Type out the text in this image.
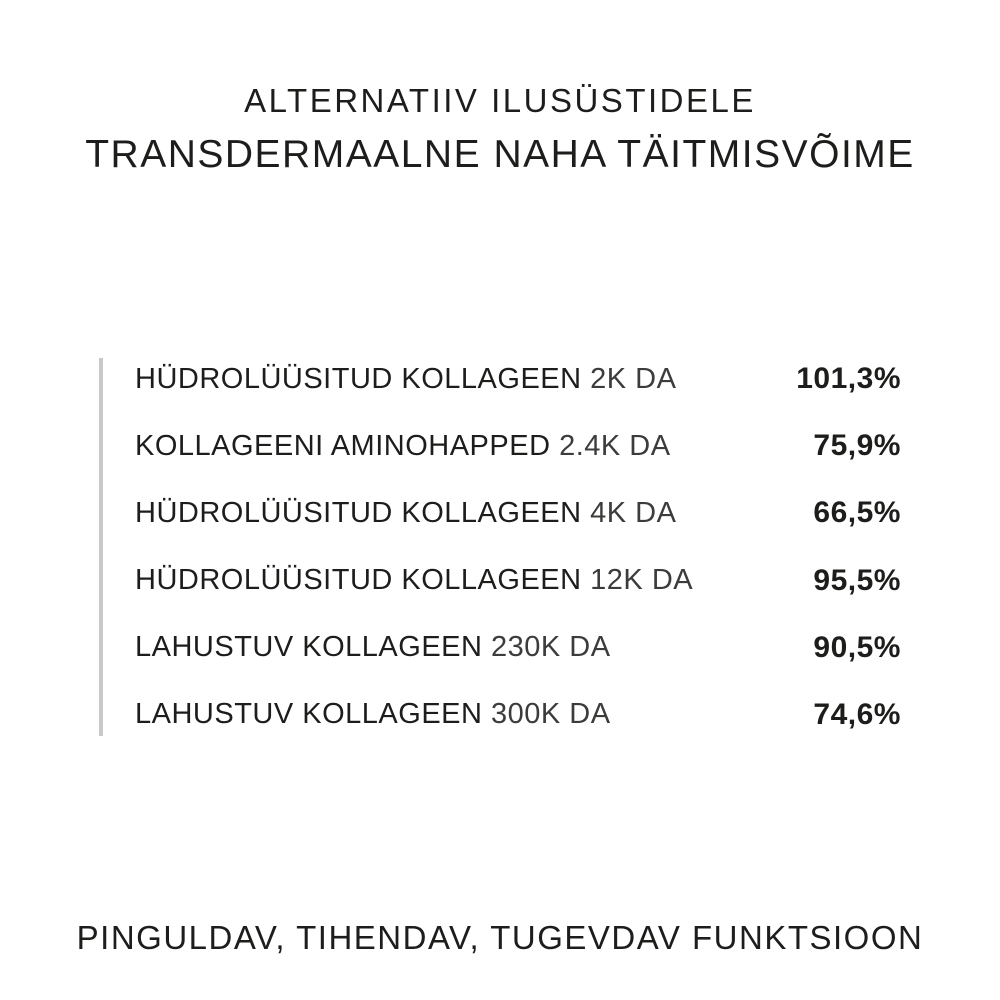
ALTERNATIIV ILUSÜSTIDELE
TRANSDERMAALNE NAHA TÄITMISVÕIME
HÜDROLÜÜSITUD KOLLAGEEN 2K DA	101,3%
KOLLAGEENI AMINOHAPPED 2.4K DA	75,9%
HÜDROLÜÜSITUD KOLLAGEEN 4K DA	66,5%
HÜDROLÜÜSITUD KOLLAGEEN 12K DA	95,5%
LAHUSTUV KOLLAGEEN 230K DA	90,5%
LAHUSTUV KOLLAGEEN 300K DA	74,6%
PINGULDAV, TIHENDAV, TUGEVDAV FUNKTSIOON
